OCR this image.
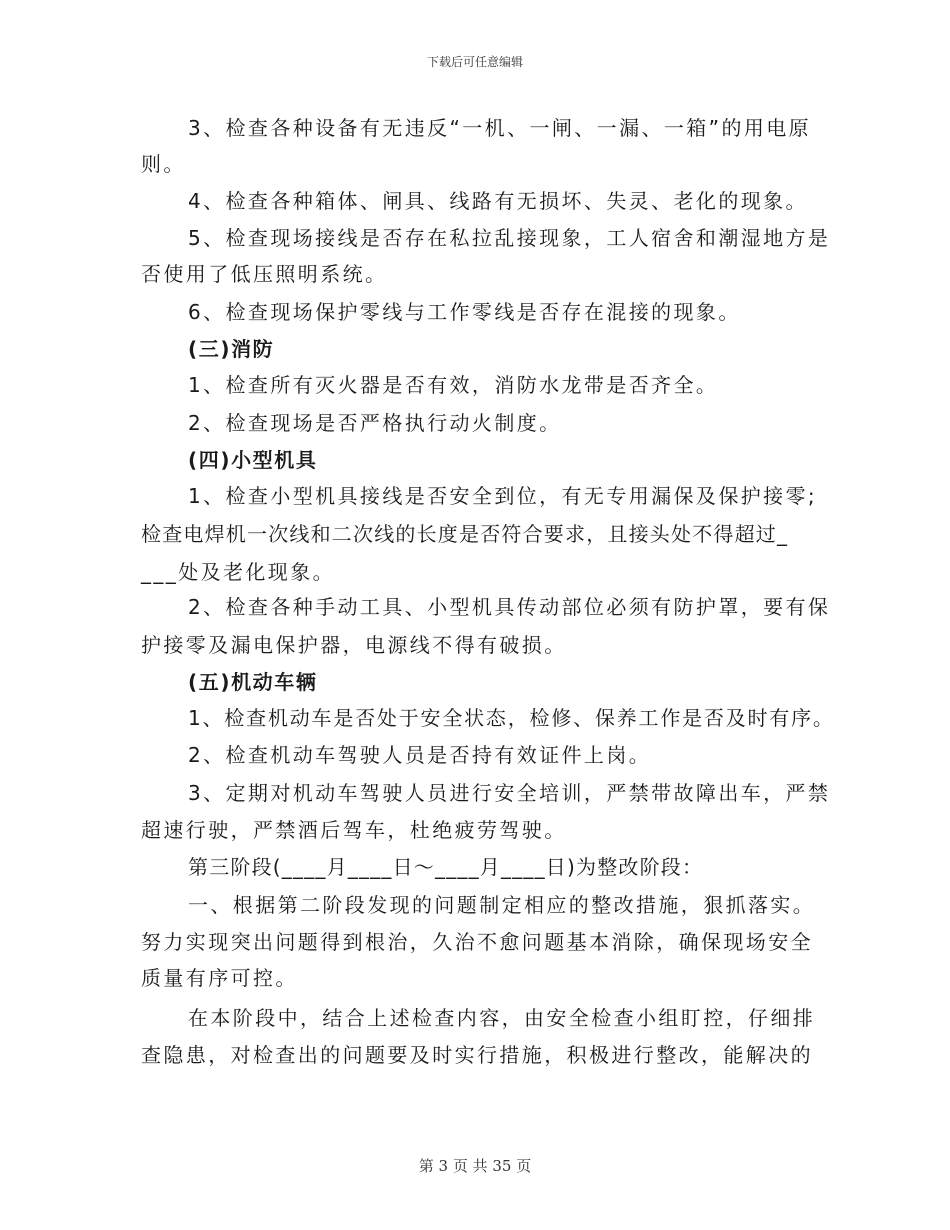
下载后可任意编辑
3、检查各种设备有无违反“一机、一闸、一漏、一箱”的用电原
则。
4、检查各种箱体、闸具、线路有无损坏、失灵、老化的现象。
5、检查现场接线是否存在私拉乱接现象，工人宿舍和潮湿地方是
否使用了低压照明系统。
6、检查现场保护零线与工作零线是否存在混接的现象。
(三)消防
1、检查所有灭火器是否有效，消防水龙带是否齐全。
2、检查现场是否严格执行动火制度。
(四)小型机具
1、检查小型机具接线是否安全到位，有无专用漏保及保护接零;
检查电焊机一次线和二次线的长度是否符合要求，且接头处不得超过_
___处及老化现象。
2、检查各种手动工具、小型机具传动部位必须有防护罩，要有保
护接零及漏电保护器，电源线不得有破损。
(五)机动车辆
1、检查机动车是否处于安全状态，检修、保养工作是否及时有序。
2、检查机动车驾驶人员是否持有效证件上岗。
3、定期对机动车驾驶人员进行安全培训，严禁带故障出车，严禁
超速行驶，严禁酒后驾车，杜绝疲劳驾驶。
第三阶段(____月____日～____月____日)为整改阶段：
一、根据第二阶段发现的问题制定相应的整改措施，狠抓落实。
努力实现突出问题得到根治，久治不愈问题基本消除，确保现场安全
质量有序可控。
在本阶段中，结合上述检查内容，由安全检查小组盯控，仔细排
查隐患，对检查出的问题要及时实行措施，积极进行整改，能解决的
第 3 页 共 35 页
